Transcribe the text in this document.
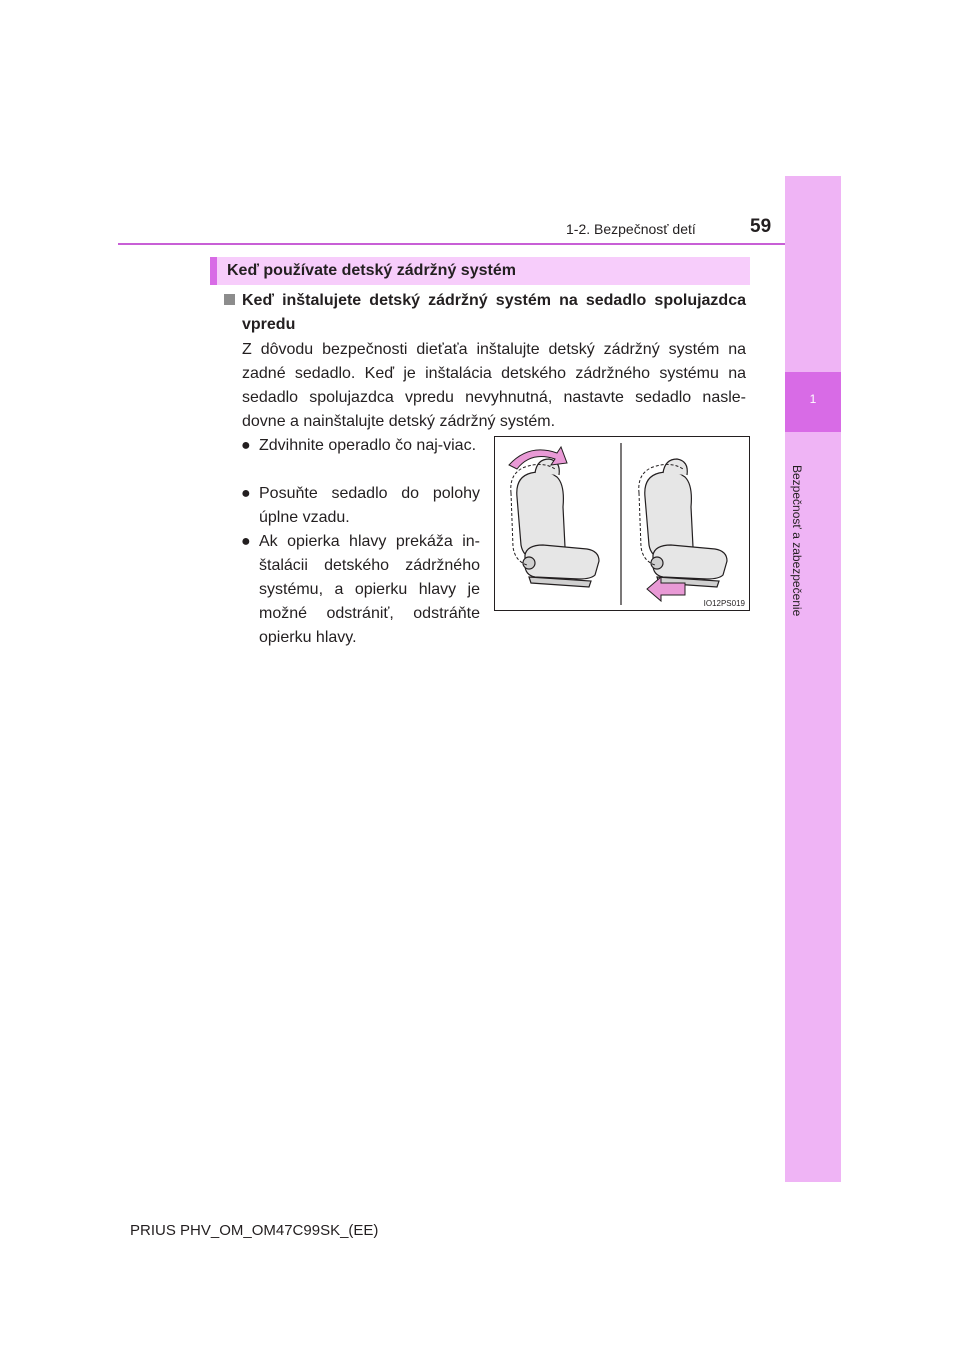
1-2. Bezpečnosť detí	59
1
Bezpečnosť a zabezpečenie
Keď používate detský zádržný systém
Keď inštalujete detský zádržný systém na sedadlo spolujazdca vpredu
Z dôvodu bezpečnosti dieťaťa inštalujte detský zádržný systém na zadné sedadlo. Keď je inštalácia detského zádržného systému na sedadlo spolujazdca vpredu nevyhnutná, nastavte sedadlo nasle-dovne a nainštalujte detský zádržný systém.
● Zdvihnite operadlo čo naj-viac.
● Posuňte sedadlo do polohy úplne vzadu.
● Ak opierka hlavy prekáža in-štalácii detského zádržného systému, a opierku hlavy je možné odstrániť, odstráňte opierku hlavy.
IO12PS019
PRIUS PHV_OM_OM47C99SK_(EE)
